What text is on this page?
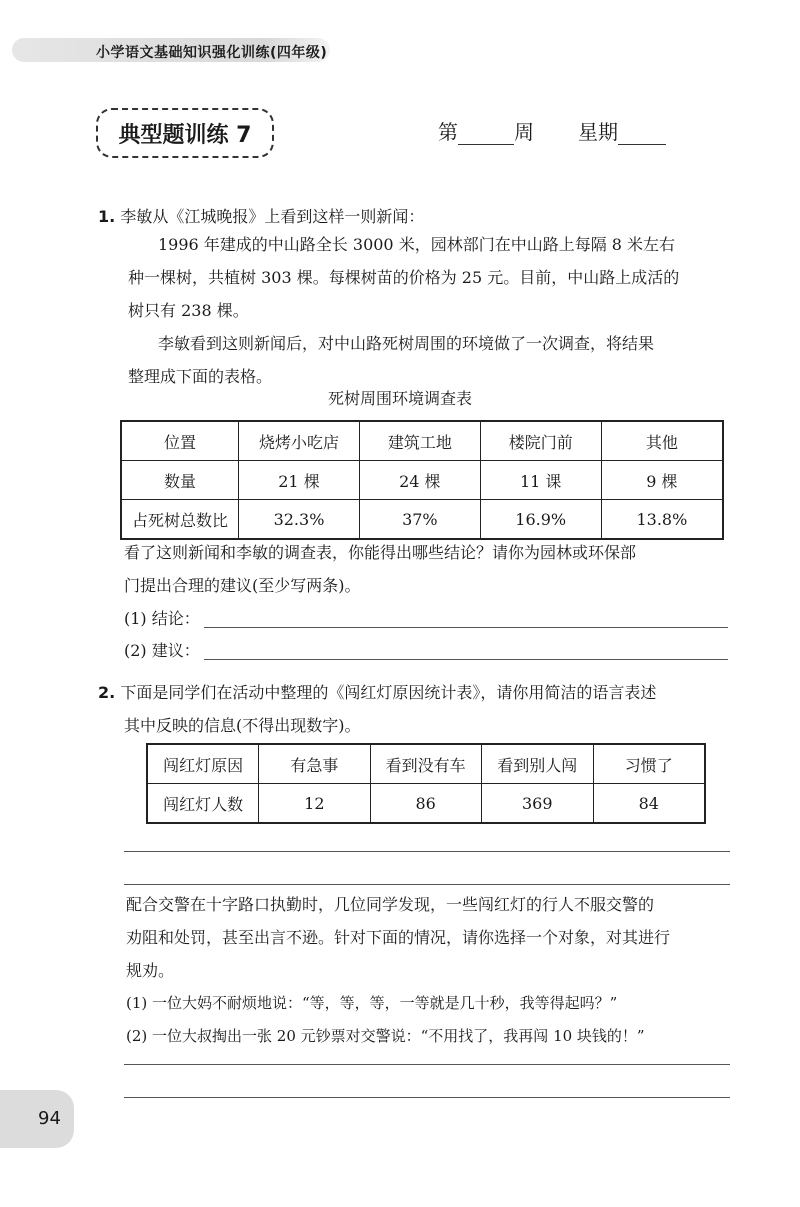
小学语文基础知识强化训练(四年级)
典型题训练 7	第	周 星期
1. 李敏从《江城晚报》上看到这样一则新闻：
1996 年建成的中山路全长 3000 米，园林部门在中山路上每隔 8 米左右
种一棵树，共植树 303 棵。每棵树苗的价格为 25 元。目前，中山路上成活的
树只有 238 棵。
李敏看到这则新闻后，对中山路死树周围的环境做了一次调查，将结果
整理成下面的表格。
死树周围环境调查表
位置	烧烤小吃店	建筑工地	楼院门前	其他
数量	21 棵	24 棵	11 课	9 棵
占死树总数比	32.3%	37%	16.9%	13.8%
看了这则新闻和李敏的调查表，你能得出哪些结论？请你为园林或环保部
门提出合理的建议(至少写两条)。
(1) 结论：
(2) 建议：
2. 下面是同学们在活动中整理的《闯红灯原因统计表》，请你用简洁的语言表述
其中反映的信息(不得出现数字)。
闯红灯原因	有急事	看到没有车	看到别人闯	习惯了
闯红灯人数	12	86	369	84
配合交警在十字路口执勤时，几位同学发现，一些闯红灯的行人不服交警的
劝阻和处罚，甚至出言不逊。针对下面的情况，请你选择一个对象，对其进行
规劝。
(1) 一位大妈不耐烦地说：“等，等，等，一等就是几十秒，我等得起吗？”
(2) 一位大叔掏出一张 20 元钞票对交警说：“不用找了，我再闯 10 块钱的！”
94
